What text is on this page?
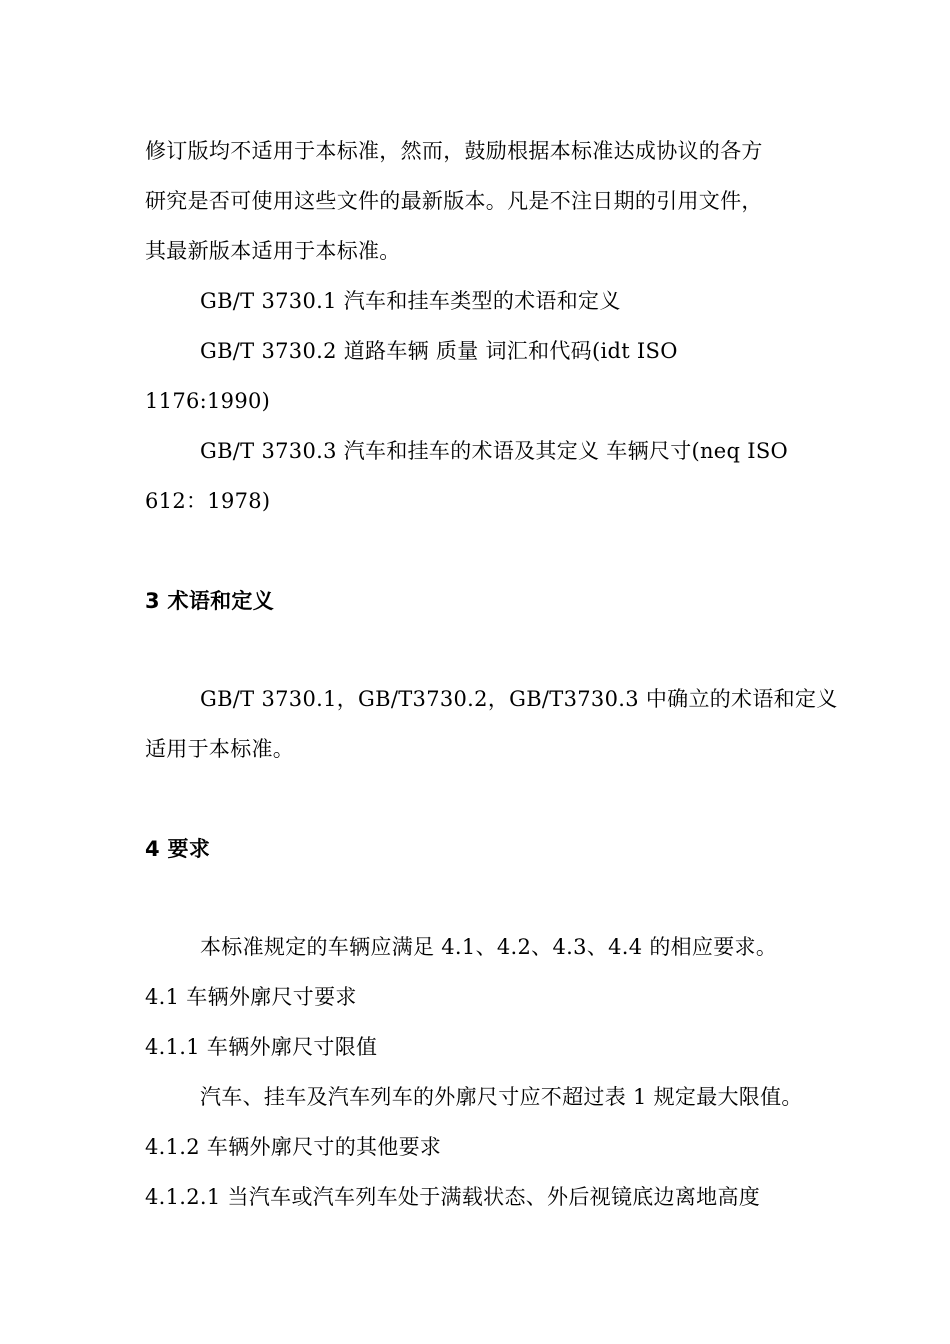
修订版均不适用于本标准，然而，鼓励根据本标准达成协议的各方
研究是否可使用这些文件的最新版本。凡是不注日期的引用文件，
其最新版本适用于本标准。
GB/T 3730.1 汽车和挂车类型的术语和定义
GB/T 3730.2 道路车辆 质量 词汇和代码(idt ISO
1176:1990)
GB/T 3730.3 汽车和挂车的术语及其定义 车辆尺寸(neq ISO
612：1978)
3 术语和定义
GB/T 3730.1，GB/T3730.2，GB/T3730.3 中确立的术语和定义
适用于本标准。
4 要求
本标准规定的车辆应满足 4.1、4.2、4.3、4.4 的相应要求。
4.1 车辆外廓尺寸要求
4.1.1 车辆外廓尺寸限值
汽车、挂车及汽车列车的外廓尺寸应不超过表 1 规定最大限值。
4.1.2 车辆外廓尺寸的其他要求
4.1.2.1 当汽车或汽车列车处于满载状态、外后视镜底边离地高度
